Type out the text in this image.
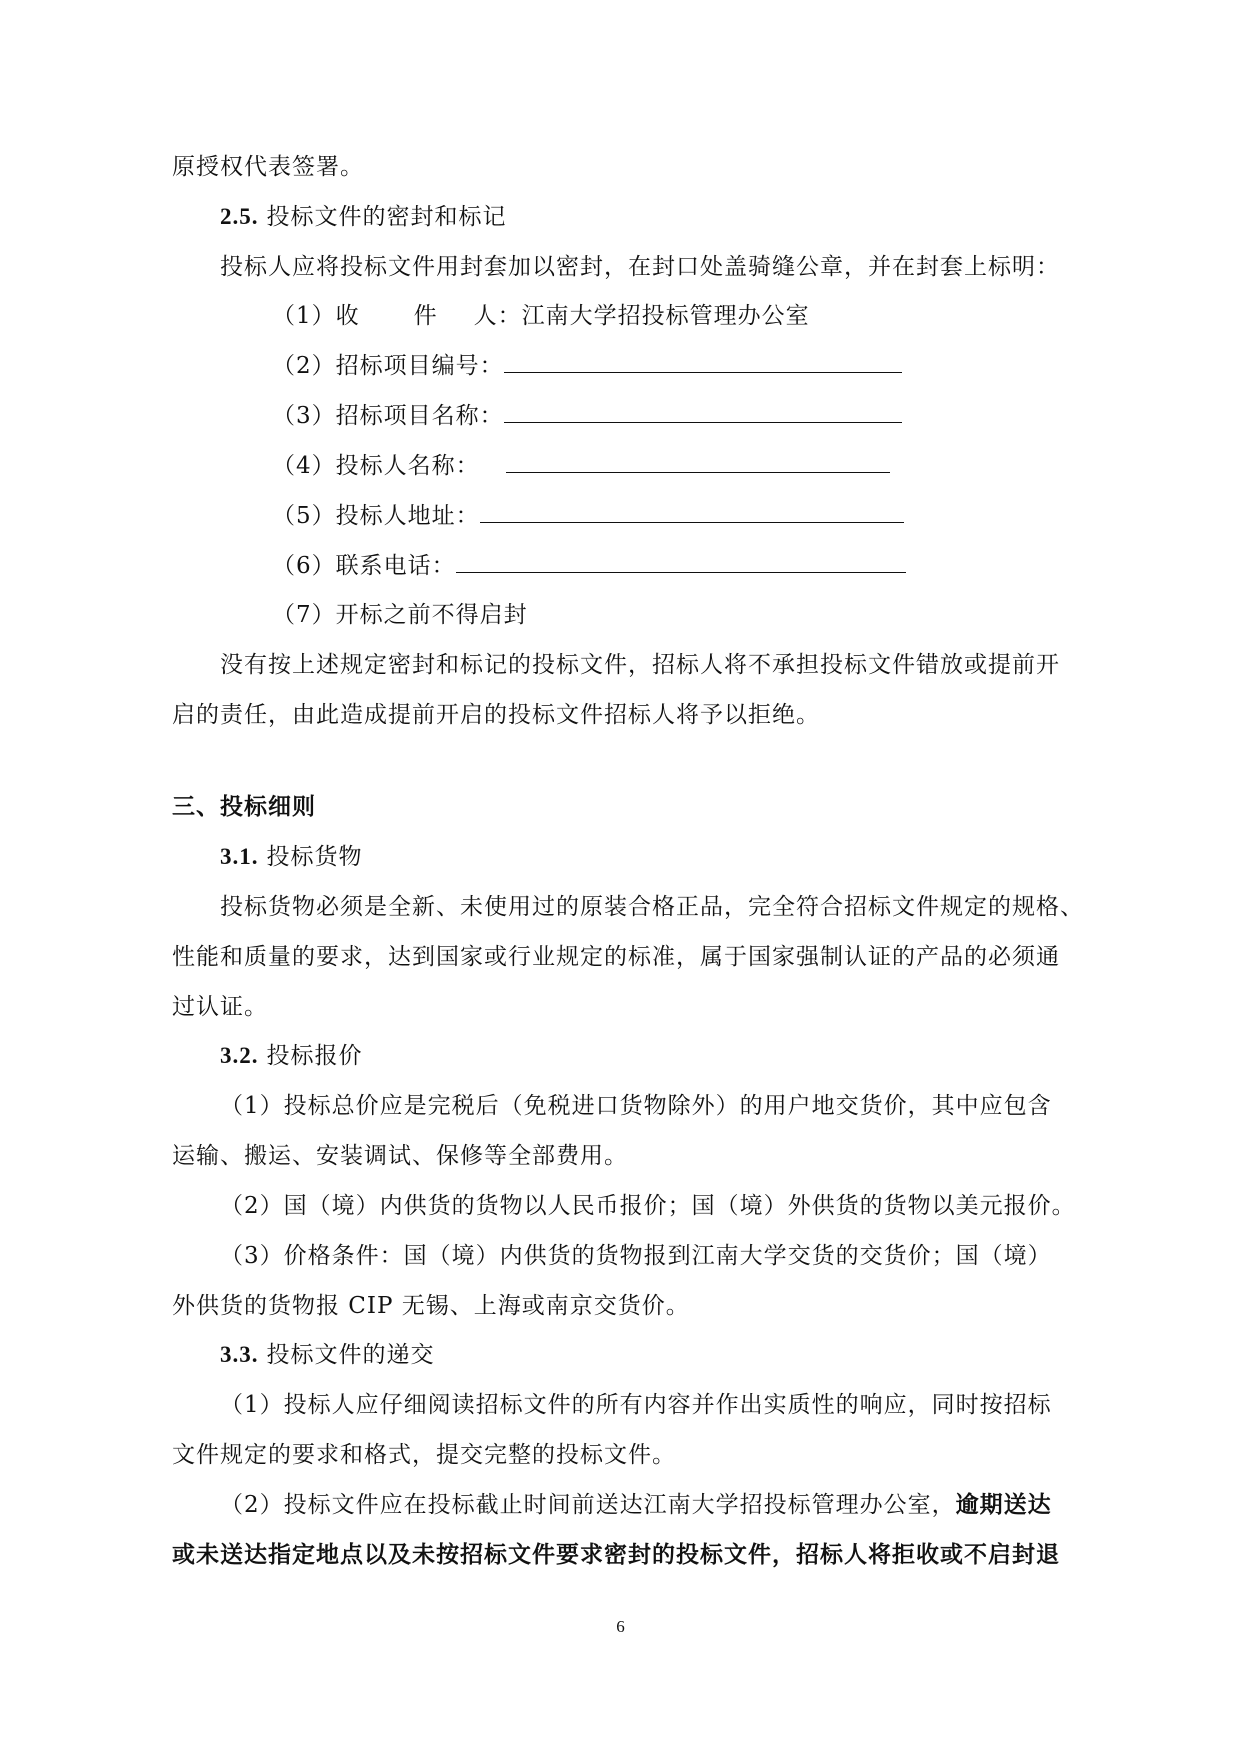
原授权代表签署。
2.5. 投标文件的密封和标记
投标人应将投标文件用封套加以密封，在封口处盖骑缝公章，并在封套上标明：
（1）收 件 人：江南大学招投标管理办公室
（2）招标项目编号：
（3）招标项目名称：
（4）投标人名称：
（5）投标人地址：
（6）联系电话：
（7）开标之前不得启封
没有按上述规定密封和标记的投标文件，招标人将不承担投标文件错放或提前开
启的责任，由此造成提前开启的投标文件招标人将予以拒绝。
三、投标细则
3.1. 投标货物
投标货物必须是全新、未使用过的原装合格正品，完全符合招标文件规定的规格、
性能和质量的要求，达到国家或行业规定的标准，属于国家强制认证的产品的必须通
过认证。
3.2. 投标报价
（1）投标总价应是完税后（免税进口货物除外）的用户地交货价，其中应包含
运输、搬运、安装调试、保修等全部费用。
（2）国（境）内供货的货物以人民币报价；国（境）外供货的货物以美元报价。
（3）价格条件：国（境）内供货的货物报到江南大学交货的交货价；国（境）
外供货的货物报 CIP 无锡、上海或南京交货价。
3.3. 投标文件的递交
（1）投标人应仔细阅读招标文件的所有内容并作出实质性的响应，同时按招标
文件规定的要求和格式，提交完整的投标文件。
（2）投标文件应在投标截止时间前送达江南大学招投标管理办公室，逾期送达
或未送达指定地点以及未按招标文件要求密封的投标文件，招标人将拒收或不启封退
6
